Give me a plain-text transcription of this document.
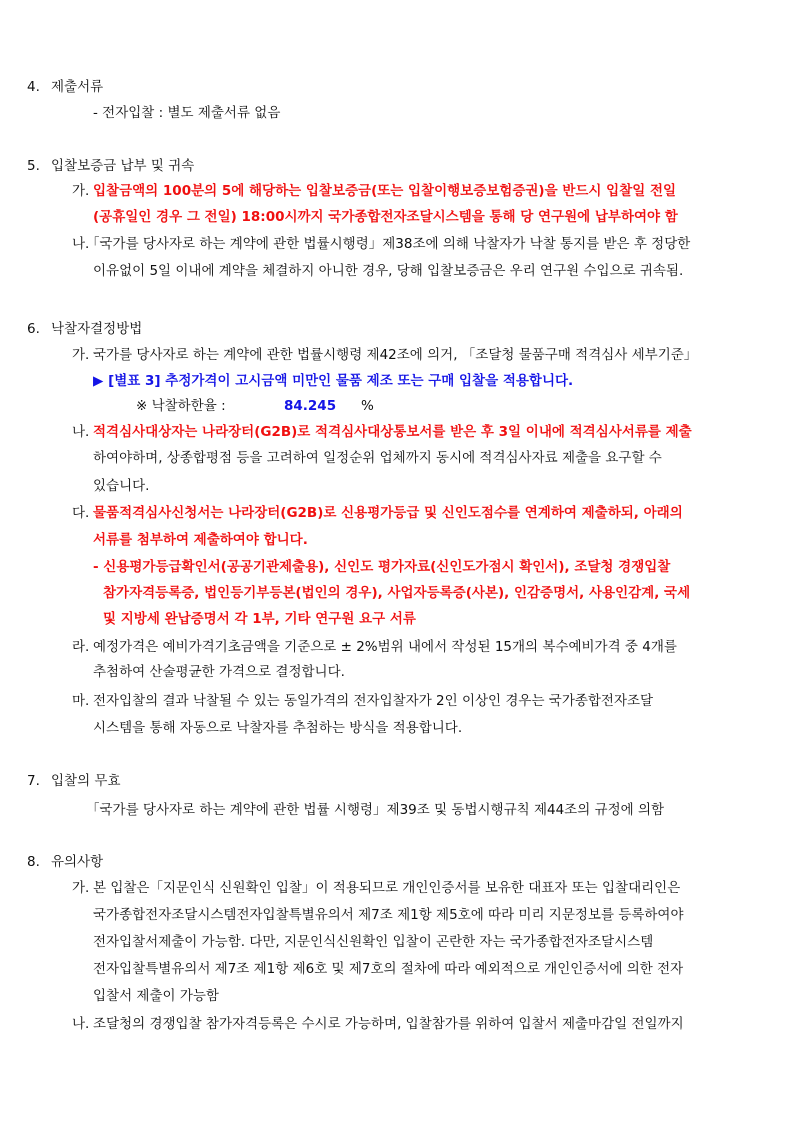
4. 제출서류
- 전자입찰 : 별도 제출서류 없음
5. 입찰보증금 납부 및 귀속
가. 입찰금액의 100분의 5에 해당하는 입찰보증금(또는 입찰이행보증보험증권)을 반드시 입찰일 전일
(공휴일인 경우 그 전일) 18:00시까지 국가종합전자조달시스템을 통해 당 연구원에 납부하여야 함
나.
「국가를 당사자로 하는 계약에 관한 법률시행령」제38조에 의해 낙찰자가 낙찰 통지를 받은 후 정당한
이유없이 5일 이내에 계약을 체결하지 아니한 경우, 당해 입찰보증금은 우리 연구원 수입으로 귀속됨.
6. 낙찰자결정방법
가. 국가를 당사자로 하는 계약에 관한 법률시행령 제42조에 의거, 「조달청 물품구매 적격심사 세부기준」
▶ [별표 3] 추정가격이 고시금액 미만인 물품 제조 또는 구매 입찰을 적용합니다.
※ 낙찰하한율 :	84.245 %
나. 적격심사대상자는 나라장터(G2B)로 적격심사대상통보서를 받은 후 3일 이내에 적격심사서류를 제출
하여야하며, 상종합평점 등을 고려하여 일정순위 업체까지 동시에 적격심사자료 제출을 요구할 수
있습니다.
다. 물품적격심사신청서는 나라장터(G2B)로 신용평가등급 및 신인도점수를 연계하여 제출하되, 아래의
서류를 첨부하여 제출하여야 합니다.
- 신용평가등급확인서(공공기관제출용), 신인도 평가자료(신인도가점시 확인서), 조달청 경쟁입찰
참가자격등록증, 법인등기부등본(법인의 경우), 사업자등록증(사본), 인감증명서, 사용인감계, 국세
및 지방세 완납증명서 각 1부, 기타 연구원 요구 서류
라. 예정가격은 예비가격기초금액을 기준으로 ± 2%범위 내에서 작성된 15개의 복수예비가격 중 4개를
추첨하여 산술평균한 가격으로 결정합니다.
마. 전자입찰의 결과 낙찰될 수 있는 동일가격의 전자입찰자가 2인 이상인 경우는 국가종합전자조달
시스템을 통해 자동으로 낙찰자를 추첨하는 방식을 적용합니다.
7. 입찰의 무효
「국가를 당사자로 하는 계약에 관한 법률 시행령」제39조 및 동법시행규칙 제44조의 규정에 의함
8. 유의사항
가. 본 입찰은「지문인식 신원확인 입찰」이 적용되므로 개인인증서를 보유한 대표자 또는 입찰대리인은
국가종합전자조달시스템전자입찰특별유의서 제7조 제1항 제5호에 따라 미리 지문정보를 등록하여야
전자입찰서제출이 가능함. 다만, 지문인식신원확인 입찰이 곤란한 자는 국가종합전자조달시스템
전자입찰특별유의서 제7조 제1항 제6호 및 제7호의 절차에 따라 예외적으로 개인인증서에 의한 전자
입찰서 제출이 가능함
나. 조달청의 경쟁입찰 참가자격등록은 수시로 가능하며, 입찰참가를 위하여 입찰서 제출마감일 전일까지
